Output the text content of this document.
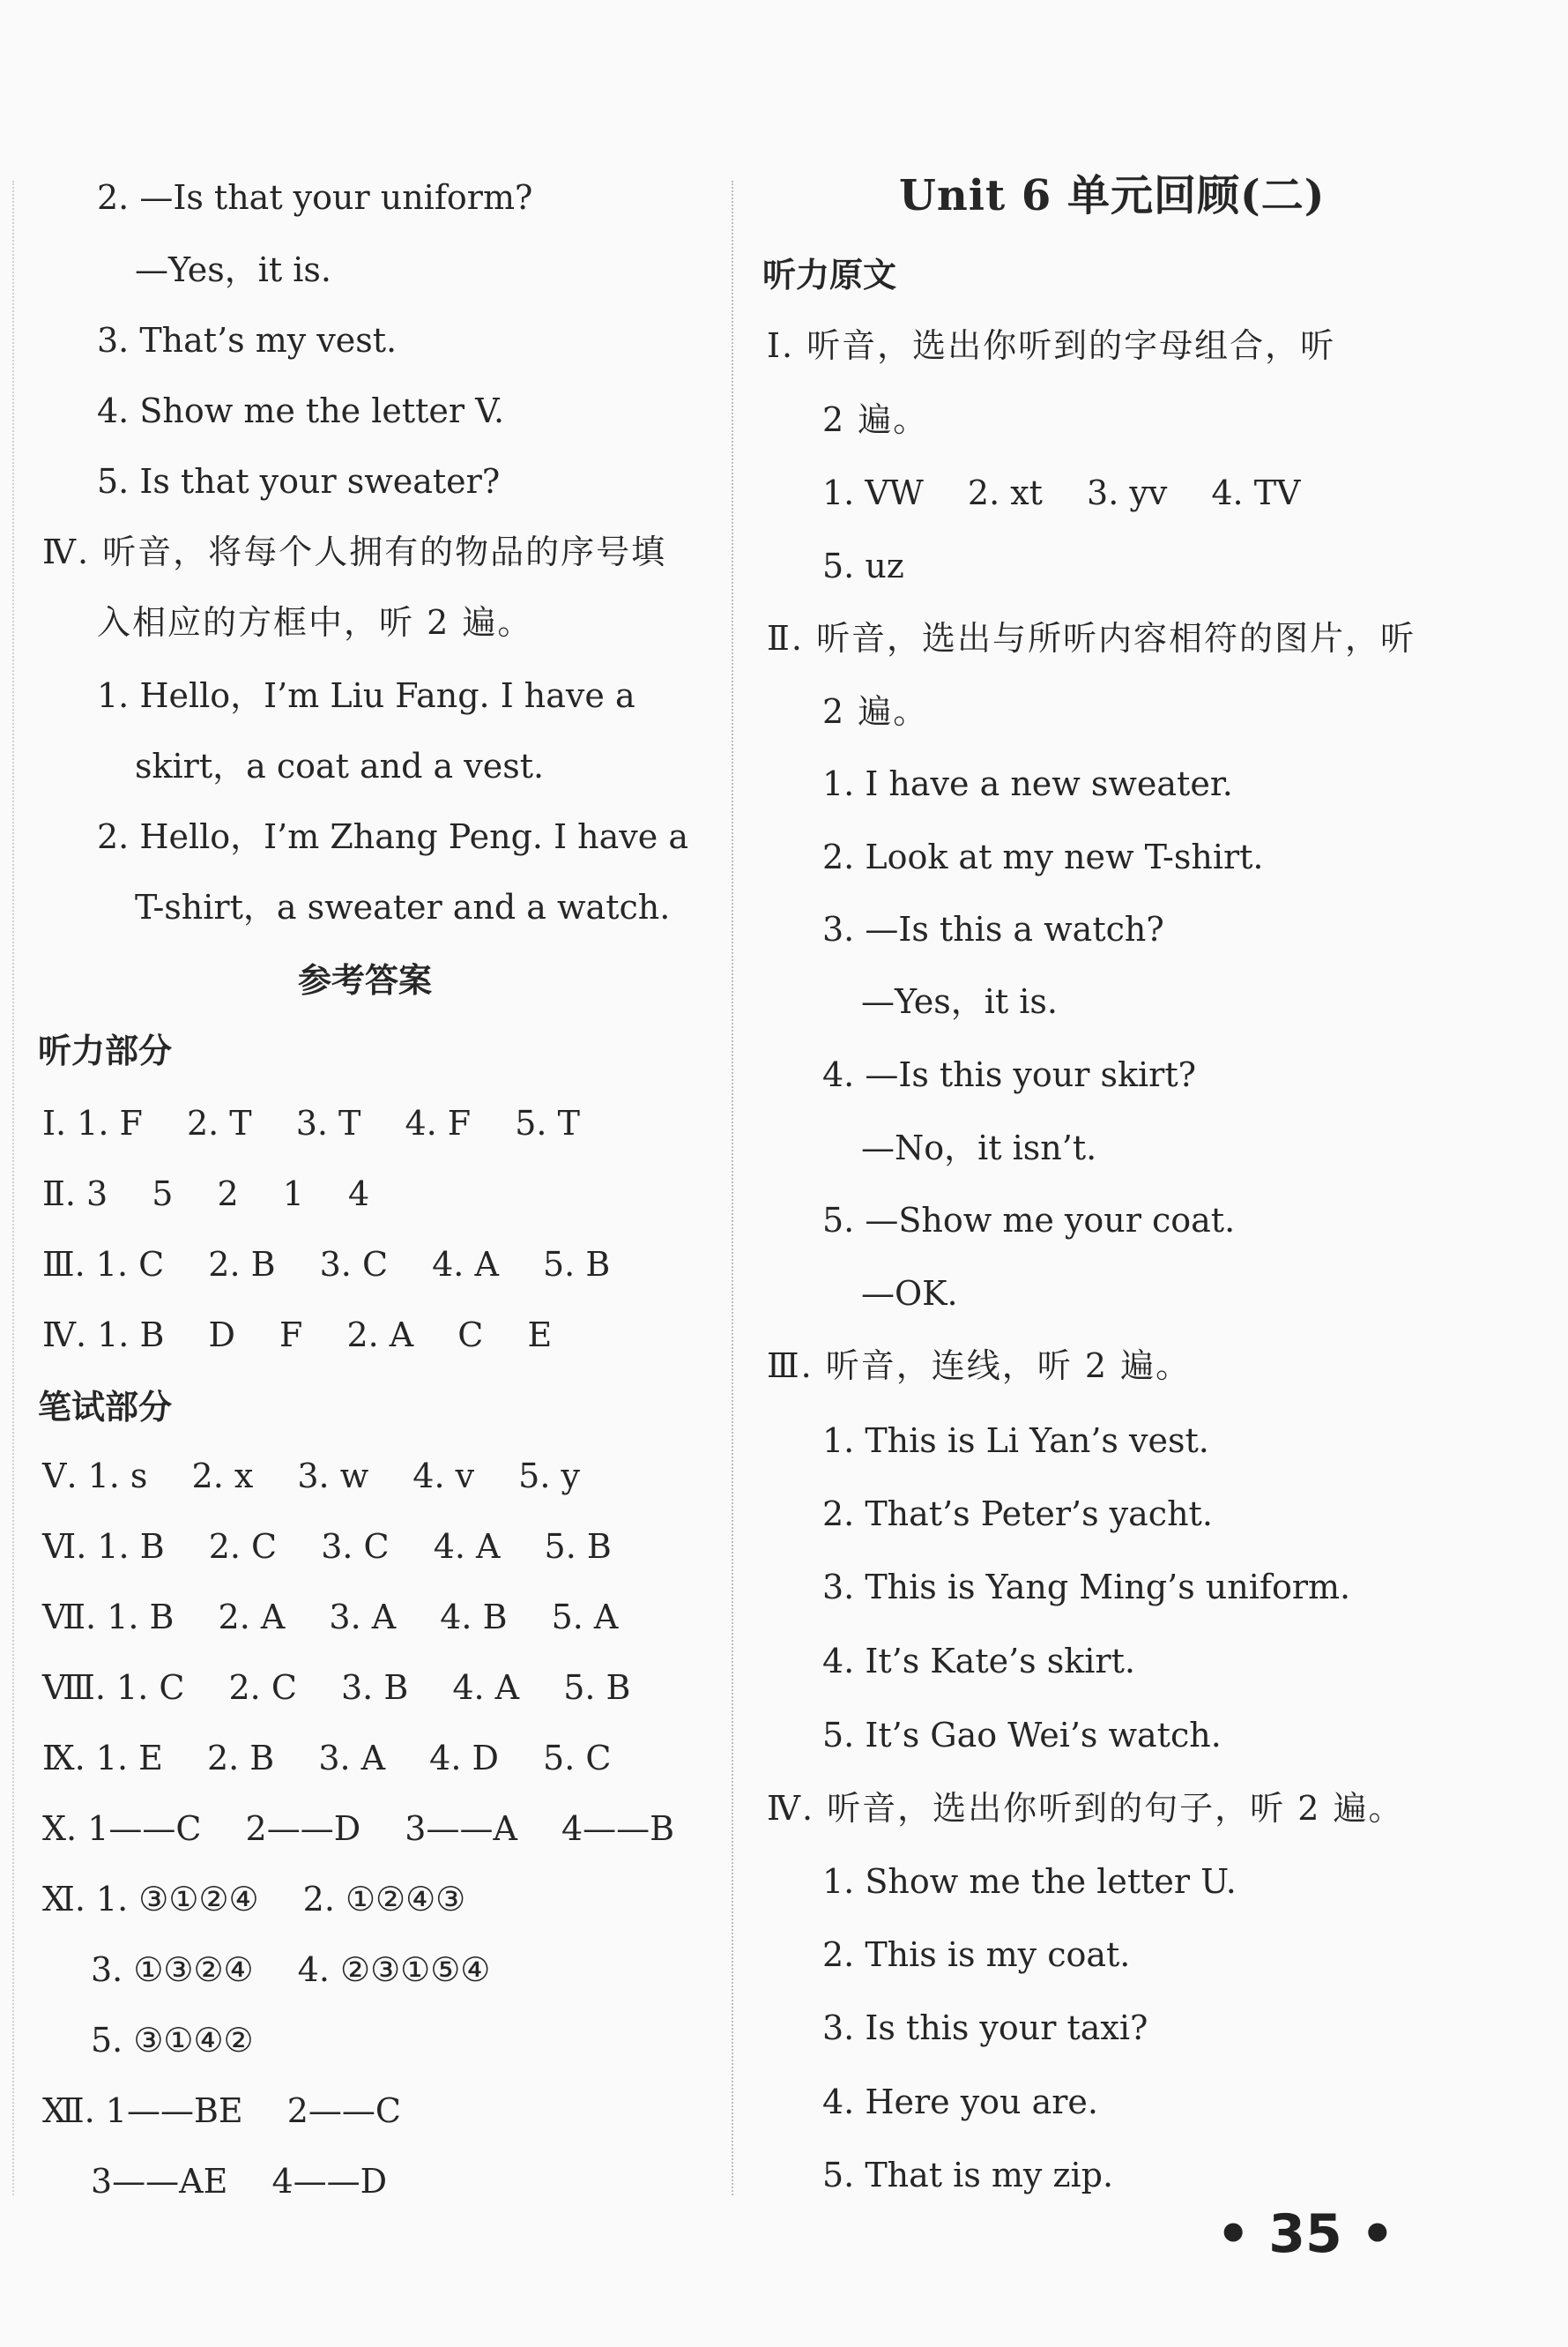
2. —Is that your uniform?
—Yes，it is.
3. That’s my vest.
4. Show me the letter V.
5. Is that your sweater?
Ⅳ. 听音，将每个人拥有的物品的序号填
入相应的方框中，听 2 遍。
1. Hello，I’m Liu Fang. I have a
skirt，a coat and a vest.
2. Hello，I’m Zhang Peng. I have a
T-shirt，a sweater and a watch.
参考答案
听力部分
Ⅰ. 1. F　 2. T　 3. T　 4. F　 5. T
Ⅱ. 3　 5　 2　 1　 4
Ⅲ. 1. C　 2. B　 3. C　 4. A　 5. B
Ⅳ. 1. B　 D　 F　 2. A　 C　 E
笔试部分
Ⅴ. 1. s　 2. x　 3. w　 4. v　 5. y
Ⅵ. 1. B　 2. C　 3. C　 4. A　 5. B
Ⅶ. 1. B　 2. A　 3. A　 4. B　 5. A
Ⅷ. 1. C　 2. C　 3. B　 4. A　 5. B
Ⅸ. 1. E　 2. B　 3. A　 4. D　 5. C
Ⅹ. 1——C　 2——D　 3——A　 4——B
Ⅺ. 1. ③①②④　 2. ①②④③
3. ①③②④　 4. ②③①⑤④
5. ③①④②
Ⅻ. 1——BE　 2——C
3——AE　 4——D
Unit 6 单元回顾(二)
听力原文
Ⅰ. 听音，选出你听到的字母组合，听
2 遍。
1. VW　 2. xt　 3. yv　 4. TV
5. uz
Ⅱ. 听音，选出与所听内容相符的图片，听
2 遍。
1. I have a new sweater.
2. Look at my new T-shirt.
3. —Is this a watch?
—Yes，it is.
4. —Is this your skirt?
—No，it isn’t.
5. —Show me your coat.
—OK.
Ⅲ. 听音，连线，听 2 遍。
1. This is Li Yan’s vest.
2. That’s Peter’s yacht.
3. This is Yang Ming’s uniform.
4. It’s Kate’s skirt.
5. It’s Gao Wei’s watch.
Ⅳ. 听音，选出你听到的句子，听 2 遍。
1. Show me the letter U.
2. This is my coat.
3. Is this your taxi?
4. Here you are.
5. That is my zip.
• 35 •
